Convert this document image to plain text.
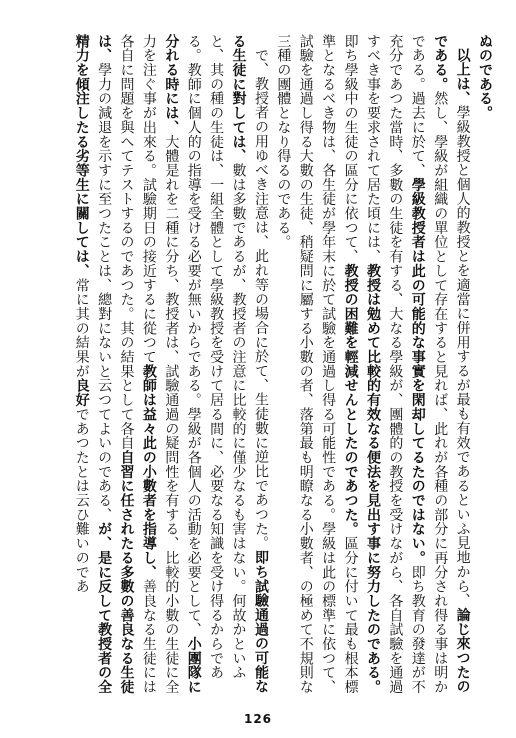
ぬのである。

以上は、學級教授と個人的教授とを適當に併用するが最も有效であるといふ見地から、論じ來つたのである。然し、學級が組織の單位として存在すると見れば、此れが各種の部分に再分され得る事は明かである。過去に於て、學級教授者は此の可能的な事實を閑却してるたのではない。即ち教育の發達が不充分であつた當時、多數の生徒を有する、大なる學級が、團體的の教授を受けながら、各自試驗を通過すべき事を要求されて居た頃には、教授は勉めて比較的有效なる便法を見出す事に努力したのである。即ち學級中の生徒の區分に依つて、教授の困難を輕減せんとしたのであつた。區分に付いて最も根本標準となるべき物は、各生徒が學年末に於て試驗を通過し得る可能性である。學級は此の標準に依つて、試驗を通過し得る大數の生徒、稍疑問に屬する小數の者、落第最も明瞭なる小數者、の極めて不規則な三種の團體となり得るのである。

で、教授者の用ゆべき注意は、此れ等の場合に於て、生徒數に逆比であつた。即ち試驗通過の可能なる生徒に對しては、數は多數であるが、教授者の注意に比較的に僅少なるも害はない。何故かといふと、其の種の生徒は、一組全體として學級教授を受けて居る間に、必要なる知識を受け得るからである。教師に個人的の指導を受ける必要が無いからである。學級が各個人の活動を必要として、小團隊に分れる時には、大體是れを二種に分ち、教授者は、試驗通過の疑問性を有する、比較的小數の生徒に全力を注ぐ事が出來る。試驗期日の接近するに從つて教師は益々此の小數者を指導し、善良なる生徒には各自に問題を與へてテストするのであつた。其の結果として各自自習に任されたる多數の善良なる生徒は、學力の減退を示すに至つたことは、總對にないと云つてよいのである、が、是に反して教授者の全精力を傾注したる劣等生に關しては、常に其の結果が良好であつたとは云ひ難いのであ

126
